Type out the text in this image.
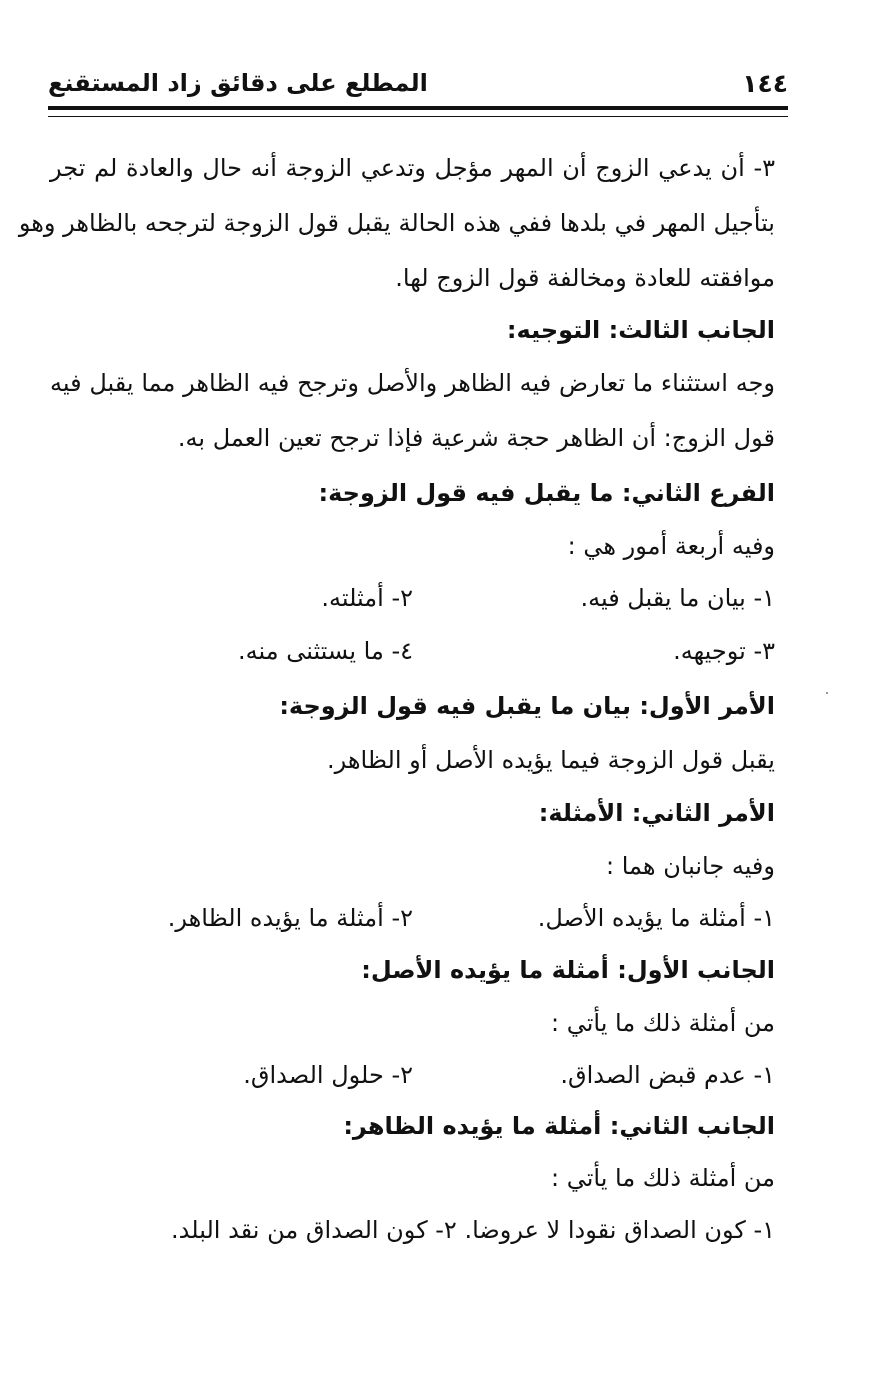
١٤٤
المطلع على دقائق زاد المستقنع
٣- أن يدعي الزوج أن المهر مؤجل وتدعي الزوجة أنه حال والعادة لم تجر
بتأجيل المهر في بلدها ففي هذه الحالة يقبل قول الزوجة لترجحه بالظاهر وهو
موافقته للعادة ومخالفة قول الزوج لها.
الجانب الثالث: التوجيه:
وجه استثناء ما تعارض فيه الظاهر والأصل وترجح فيه الظاهر مما يقبل فيه
قول الزوج: أن الظاهر حجة شرعية فإذا ترجح تعين العمل به.
الفرع الثاني: ما يقبل فيه قول الزوجة:
وفيه أربعة أمور هي :
١- بيان ما يقبل فيه.
٢- أمثلته.
٣- توجيهه.
٤- ما يستثنى منه.
الأمر الأول: بيان ما يقبل فيه قول الزوجة:
يقبل قول الزوجة فيما يؤيده الأصل أو الظاهر.
الأمر الثاني: الأمثلة:
وفيه جانبان هما :
١- أمثلة ما يؤيده الأصل.
٢- أمثلة ما يؤيده الظاهر.
الجانب الأول: أمثلة ما يؤيده الأصل:
من أمثلة ذلك ما يأتي :
١- عدم قبض الصداق.
٢- حلول الصداق.
الجانب الثاني: أمثلة ما يؤيده الظاهر:
من أمثلة ذلك ما يأتي :
١- كون الصداق نقودا لا عروضا. ٢- كون الصداق من نقد البلد.
